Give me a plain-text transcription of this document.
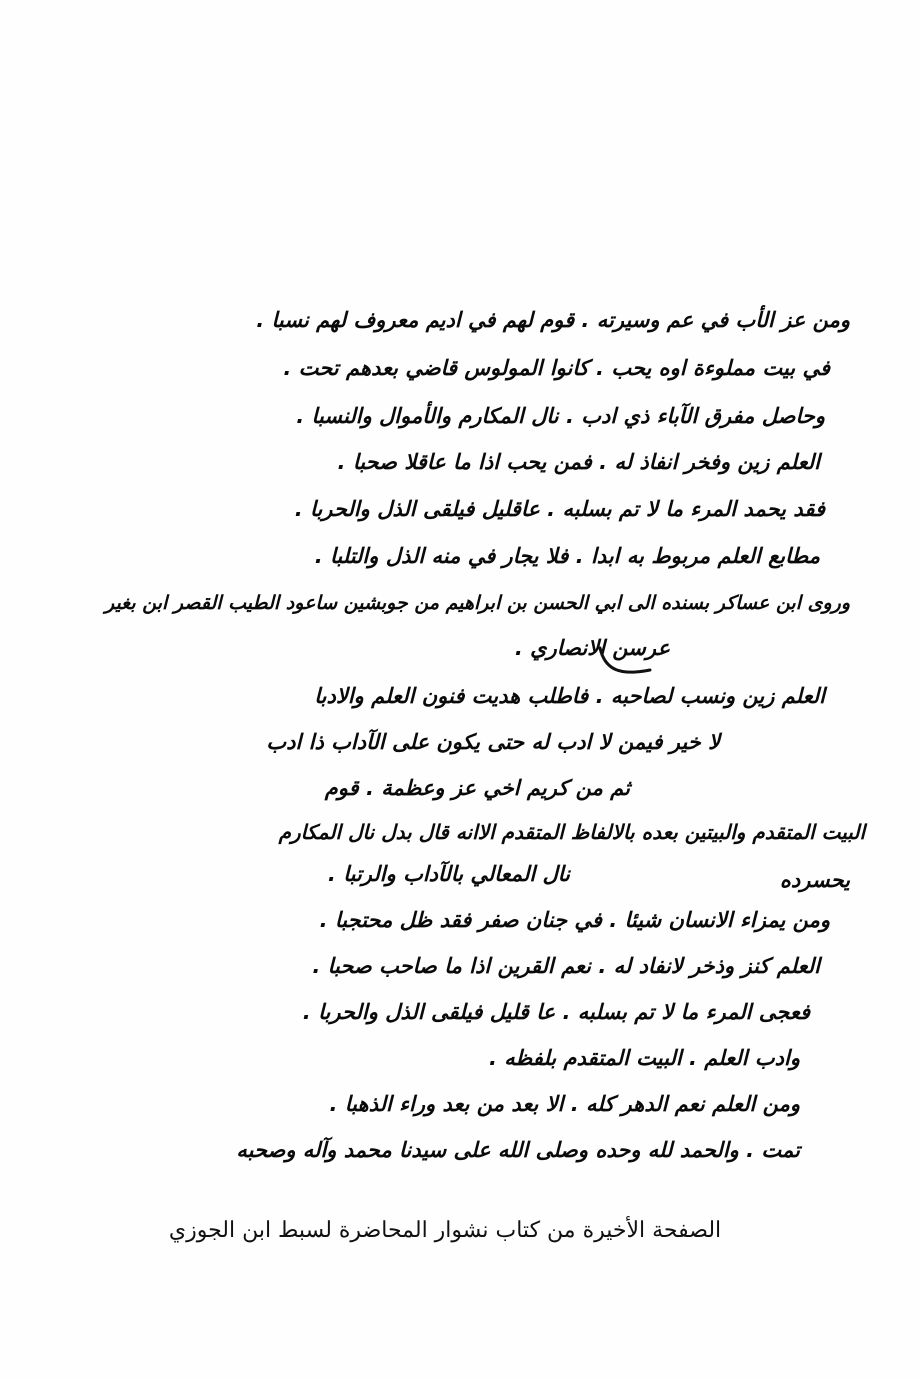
ومن عز الأب في عم وسيرته . قوم لهم في اديم معروف لهم نسبا .
في بيت مملوءة اوه يحب . كانوا المولوس قاضي بعدهم تحت .
وحاصل مفرق الآباء ذي ادب . نال المكارم والأموال والنسبا .
العلم زين وفخر انفاذ له . فمن يحب اذا ما عاقلا صحبا .
فقد يحمد المرء ما لا تم بسلبه . عاقليل فيلقى الذل والحربا .
مطابع العلم مربوط به ابدا . فلا يجار في منه الذل والتلبا .
وروى ابن عساكر بسنده الى ابي الحسن بن ابراهيم من جوبشين ساعود الطيب القصر ابن بغير
عرسن الانصاري .
العلم زين ونسب لصاحبه . فاطلب هديت فنون العلم والادبا
لا خير فيمن لا ادب له حتى يكون على الآداب ذا ادب
ثم من كريم اخي عز وعظمة . قوم
البيت المتقدم والبيتين بعده بالالفاظ المتقدم الاانه قال بدل نال المكارم
يحسرده
نال المعالي بالآداب والرتبا .
ومن يمزاء الانسان شيئا . في جنان صفر فقد ظل محتجبا .
العلم كنز وذخر لانفاد له . نعم القرين اذا ما صاحب صحبا .
فعجى المرء ما لا تم بسلبه . عا قليل فيلقى الذل والحربا .
وادب العلم . البيت المتقدم بلفظه .
ومن العلم نعم الدهر كله . الا بعد من بعد وراء الذهبا .
تمت . والحمد لله وحده وصلى الله على سيدنا محمد وآله وصحبه
الصفحة الأخيرة من كتاب نشوار المحاضرة لسبط ابن الجوزي
